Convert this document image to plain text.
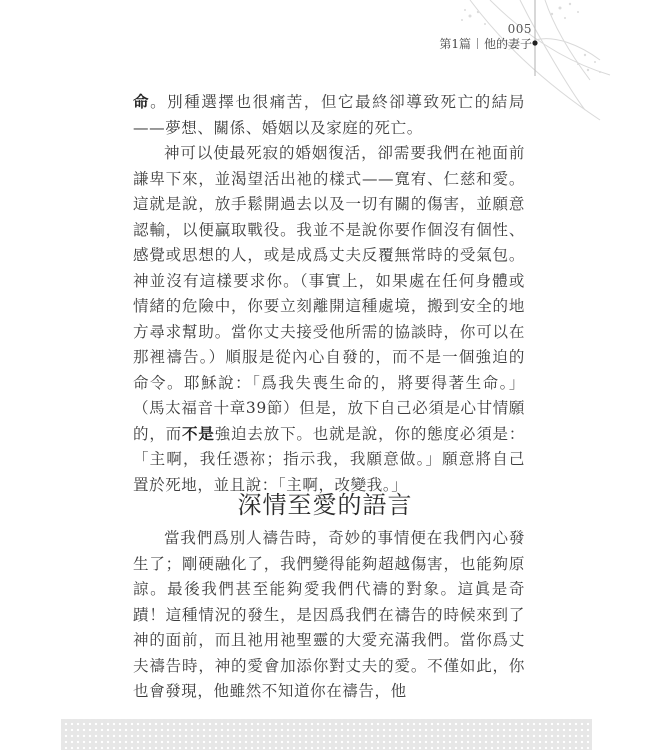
005
第1篇 他的妻子

命。別種選擇也很痛苦，但它最終卻導致死亡的結局——夢想、關係、婚姻以及家庭的死亡。

神可以使最死寂的婚姻復活，卻需要我們在祂面前謙卑下來，並渴望活出祂的樣式——寬宥、仁慈和愛。這就是說，放手鬆開過去以及一切有關的傷害，並願意認輸，以便贏取戰役。我並不是說你要作個沒有個性、感覺或思想的人，或是成爲丈夫反覆無常時的受氣包。神並沒有這樣要求你。（事實上，如果處在任何身體或情緒的危險中，你要立刻離開這種處境，搬到安全的地方尋求幫助。當你丈夫接受他所需的協談時，你可以在那裡禱告。）順服是從內心自發的，而不是一個強迫的命令。耶穌說：「爲我失喪生命的，將要得著生命。」（馬太福音十章39節）但是，放下自己必須是心甘情願的，而不是強迫去放下。也就是說，你的態度必須是：「主啊，我任憑祢；指示我，我願意做。」願意將自己置於死地，並且說：「主啊，改變我。」

深情至愛的語言

當我們爲別人禱告時，奇妙的事情便在我們內心發生了；剛硬融化了，我們變得能夠超越傷害，也能夠原諒。最後我們甚至能夠愛我們代禱的對象。這眞是奇蹟！這種情況的發生，是因爲我們在禱告的時候來到了神的面前，而且祂用祂聖靈的大愛充滿我們。當你爲丈夫禱告時，神的愛會加添你對丈夫的愛。不僅如此，你也會發現，他雖然不知道你在禱告，他
